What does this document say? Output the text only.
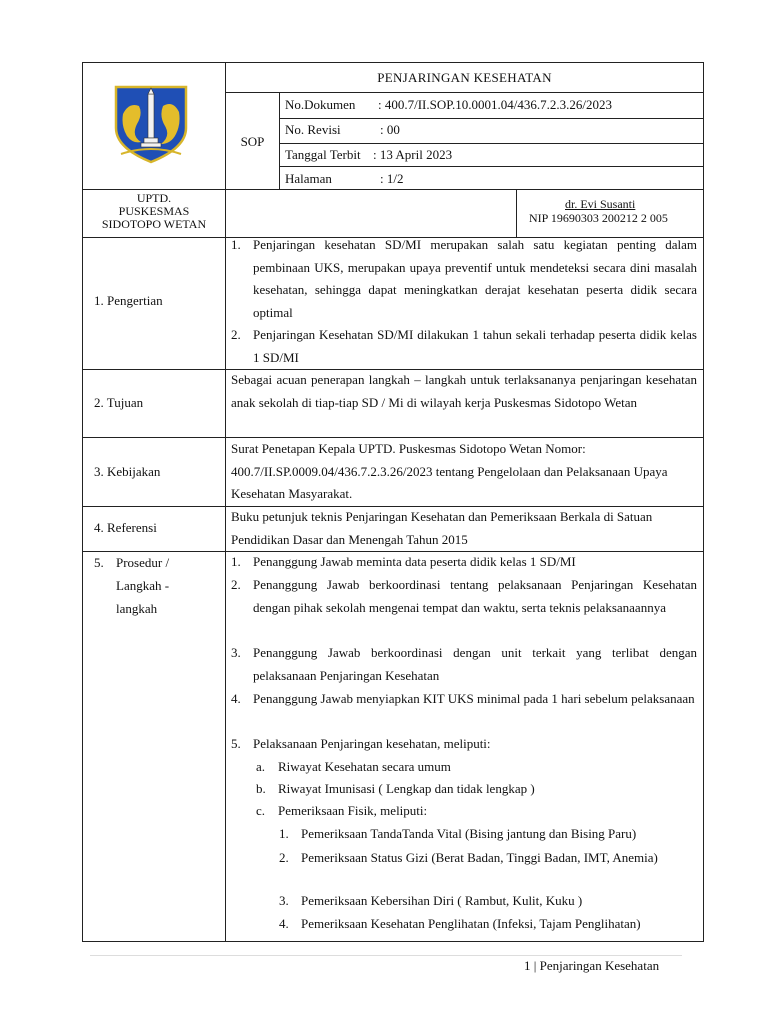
PENJARINGAN KESEHATAN
SOP
No.Dokumen : 400.7/II.SOP.10.0001.04/436.7.2.3.26/2023
No. Revisi	: 00
Tanggal Terbit : 13 April 2023
Halaman	: 1/2
UPTD.
PUSKESMAS
SIDOTOPO WETAN
dr. Evi Susanti
NIP 19690303 200212 2 005
1. Pengertian
1. Penjaringan kesehatan SD/MI merupakan salah satu kegiatan penting dalam pembinaan UKS, merupakan upaya preventif untuk mendeteksi secara dini masalah kesehatan, sehingga dapat meningkatkan derajat kesehatan peserta didik secara optimal
2. Penjaringan Kesehatan SD/MI dilakukan 1 tahun sekali terhadap peserta didik kelas 1 SD/MI
2. Tujuan
Sebagai acuan penerapan langkah – langkah untuk terlaksananya penjaringan kesehatan anak sekolah di tiap-tiap SD / Mi di wilayah kerja Puskesmas Sidotopo Wetan
3. Kebijakan
Surat Penetapan Kepala UPTD. Puskesmas Sidotopo Wetan Nomor: 400.7/II.SP.0009.04/436.7.2.3.26/2023 tentang Pengelolaan dan Pelaksanaan Upaya Kesehatan Masyarakat.
4. Referensi
Buku petunjuk teknis Penjaringan Kesehatan dan Pemeriksaan Berkala di Satuan Pendidikan Dasar dan Menengah Tahun 2015
5. Prosedur /
Langkah -
langkah
1. Penanggung Jawab meminta data peserta didik kelas 1 SD/MI
2. Penanggung Jawab berkoordinasi tentang pelaksanaan Penjaringan Kesehatan dengan pihak sekolah mengenai tempat dan waktu, serta teknis pelaksanaannya
3. Penanggung Jawab berkoordinasi dengan unit terkait yang terlibat dengan pelaksanaan Penjaringan Kesehatan
4. Penanggung Jawab menyiapkan KIT UKS minimal pada 1 hari sebelum pelaksanaan
5. Pelaksanaan Penjaringan kesehatan, meliputi:
a. Riwayat Kesehatan secara umum
b. Riwayat Imunisasi ( Lengkap dan tidak lengkap )
c. Pemeriksaan Fisik, meliputi:
1. Pemeriksaan TandaTanda Vital (Bising jantung dan Bising Paru)
2. Pemeriksaan Status Gizi (Berat Badan, Tinggi Badan, IMT, Anemia)
3. Pemeriksaan Kebersihan Diri ( Rambut, Kulit, Kuku )
4. Pemeriksaan Kesehatan Penglihatan (Infeksi, Tajam Penglihatan)
1 | Penjaringan Kesehatan
